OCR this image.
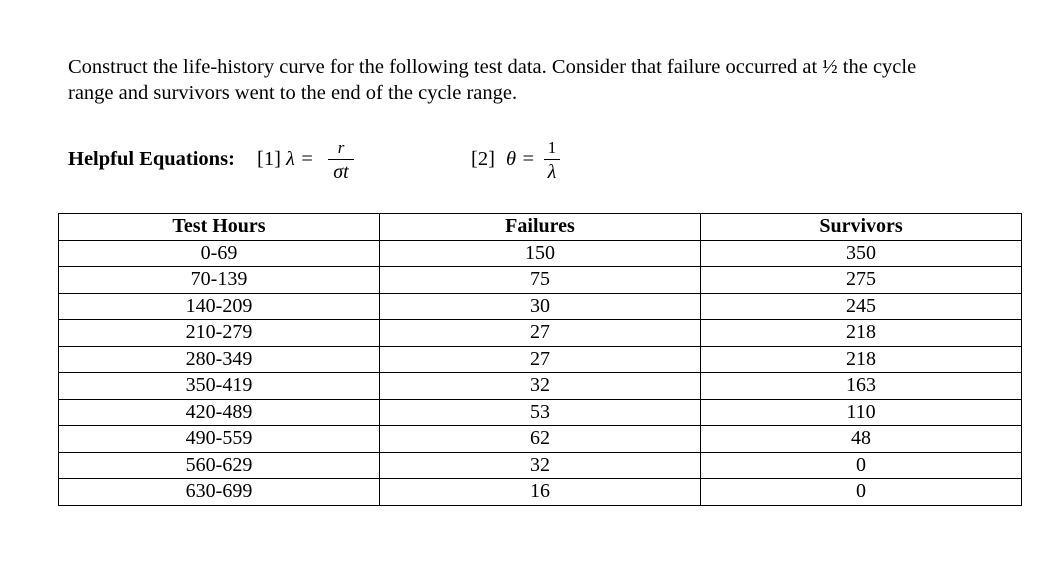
Construct the life-history curve for the following test data. Consider that failure occurred at ½ the cycle
range and survivors went to the end of the cycle range.

Helpful Equations: [1] λ =
r
σt
[2] θ =
1
λ
Test Hours	Failures	Survivors
0-69	150	350
70-139	75	275
140-209	30	245
210-279	27	218
280-349	27	218
350-419	32	163
420-489	53	110
490-559	62	48
560-629	32	0
630-699	16	0
